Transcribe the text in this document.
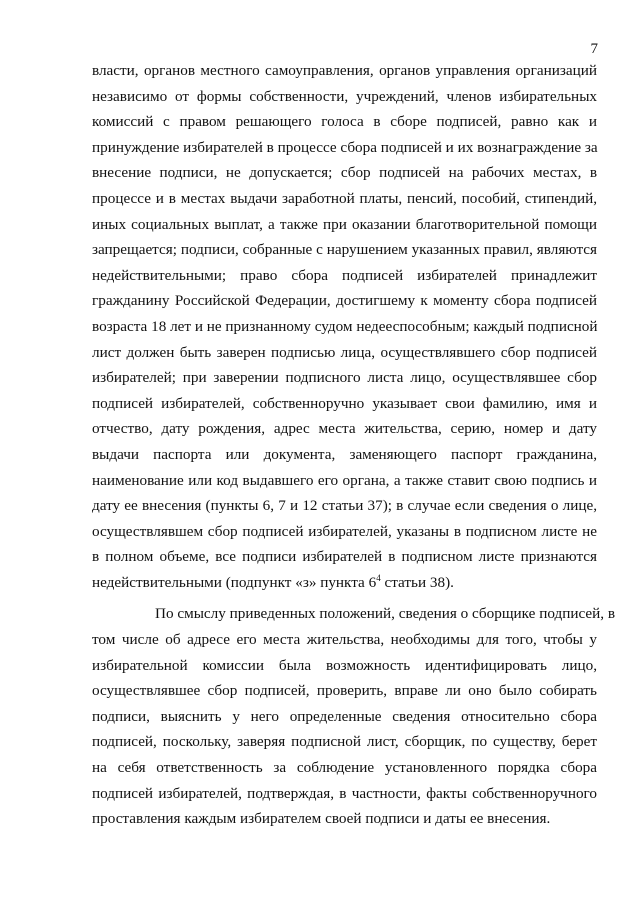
7
власти, органов местного самоуправления, органов управления организаций
независимо от формы собственности, учреждений, членов избирательных
комиссий с правом решающего голоса в сборе подписей, равно как и
принуждение избирателей в процессе сбора подписей и их вознаграждение за
внесение подписи, не допускается; сбор подписей на рабочих местах, в
процессе и в местах выдачи заработной платы, пенсий, пособий, стипендий,
иных социальных выплат, а также при оказании благотворительной помощи
запрещается; подписи, собранные с нарушением указанных правил, являются
недействительными; право сбора подписей избирателей принадлежит
гражданину Российской Федерации, достигшему к моменту сбора подписей
возраста 18 лет и не признанному судом недееспособным; каждый подписной
лист должен быть заверен подписью лица, осуществлявшего сбор подписей
избирателей; при заверении подписного листа лицо, осуществлявшее сбор
подписей избирателей, собственноручно указывает свои фамилию, имя и
отчество, дату рождения, адрес места жительства, серию, номер и дату
выдачи паспорта или документа, заменяющего паспорт гражданина,
наименование или код выдавшего его органа, а также ставит свою подпись и
дату ее внесения (пункты 6, 7 и 12 статьи 37); в случае если сведения о лице,
осуществлявшем сбор подписей избирателей, указаны в подписном листе не
в полном объеме, все подписи избирателей в подписном листе признаются
недействительными (подпункт «з» пункта $6^4$ статьи 38).
По смыслу приведенных положений, сведения о сборщике подписей, в
том числе об адресе его места жительства, необходимы для того, чтобы у
избирательной комиссии была возможность идентифицировать лицо,
осуществлявшее сбор подписей, проверить, вправе ли оно было собирать
подписи, выяснить у него определенные сведения относительно сбора
подписей, поскольку, заверяя подписной лист, сборщик, по существу, берет
на себя ответственность за соблюдение установленного порядка сбора
подписей избирателей, подтверждая, в частности, факты собственноручного
проставления каждым избирателем своей подписи и даты ее внесения.
